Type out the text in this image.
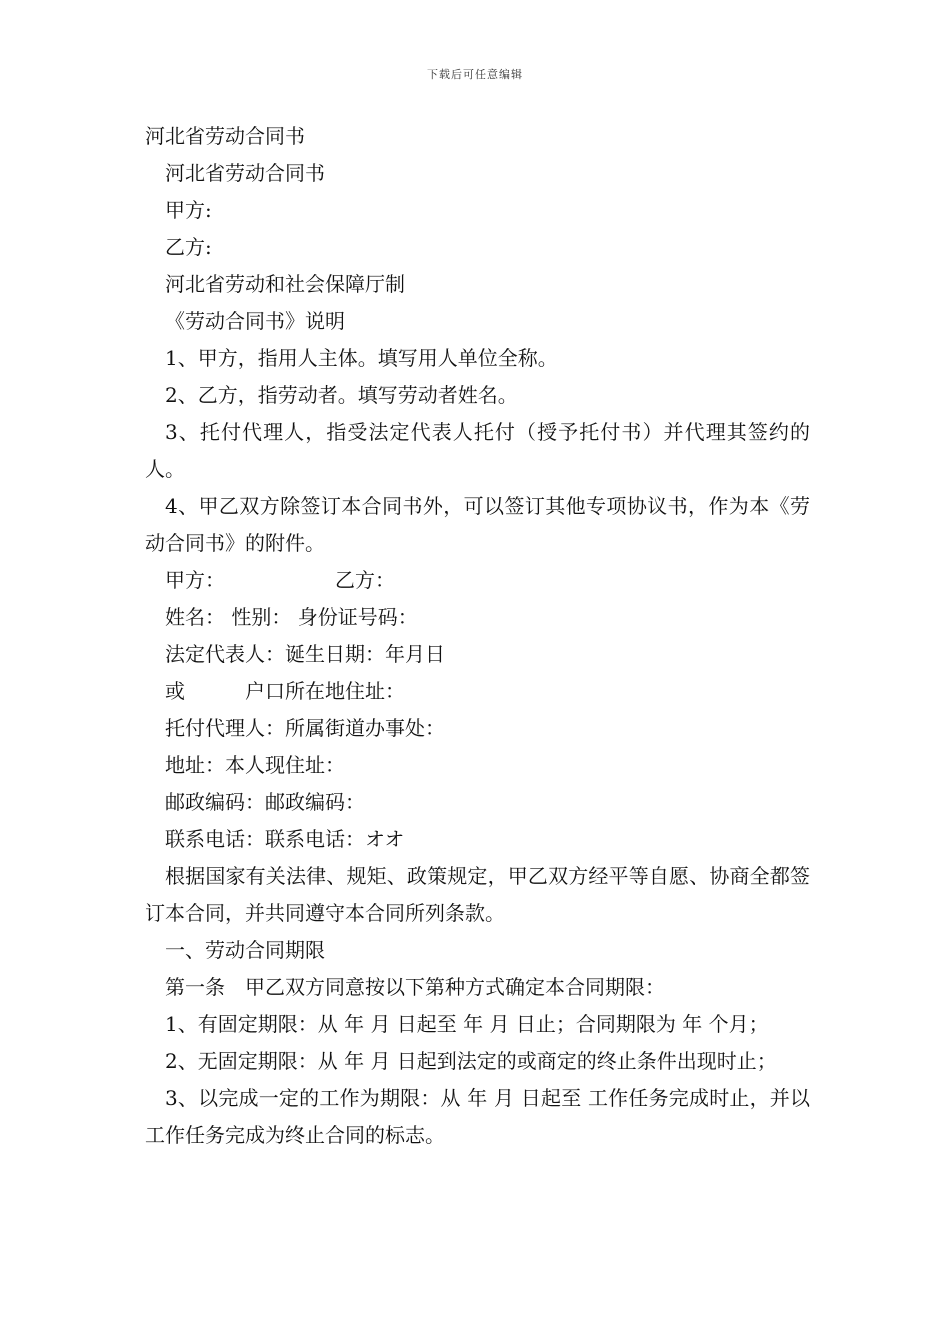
下载后可任意编辑
河北省劳动合同书
河北省劳动合同书
甲方:
乙方:
河北省劳动和社会保障厅制
《劳动合同书》说明
1、甲方，指用人主体。填写用人单位全称。
2、乙方，指劳动者。填写劳动者姓名。
3、托付代理人，指受法定代表人托付（授予托付书）并代理其签约的人。
4、甲乙双方除签订本合同书外，可以签订其他专项协议书，作为本《劳动合同书》的附件。
甲方：	乙方：
姓名： 性别： 身份证号码：
法定代表人：诞生日期：年月日
或	户口所在地住址：
托付代理人：所属街道办事处：
地址：本人现住址：
邮政编码：邮政编码：
联系电话：联系电话：オオ
根据国家有关法律、规矩、政策规定，甲乙双方经平等自愿、协商全都签订本合同，并共同遵守本合同所列条款。
一、劳动合同期限
第一条　甲乙双方同意按以下第种方式确定本合同期限：
1、有固定期限：从 年 月 日起至 年 月 日止；合同期限为 年 个月；
2、无固定期限：从 年 月 日起到法定的或商定的终止条件出现时止；
3、以完成一定的工作为期限：从 年 月 日起至 工作任务完成时止，并以 工作任务完成为终止合同的标志。
